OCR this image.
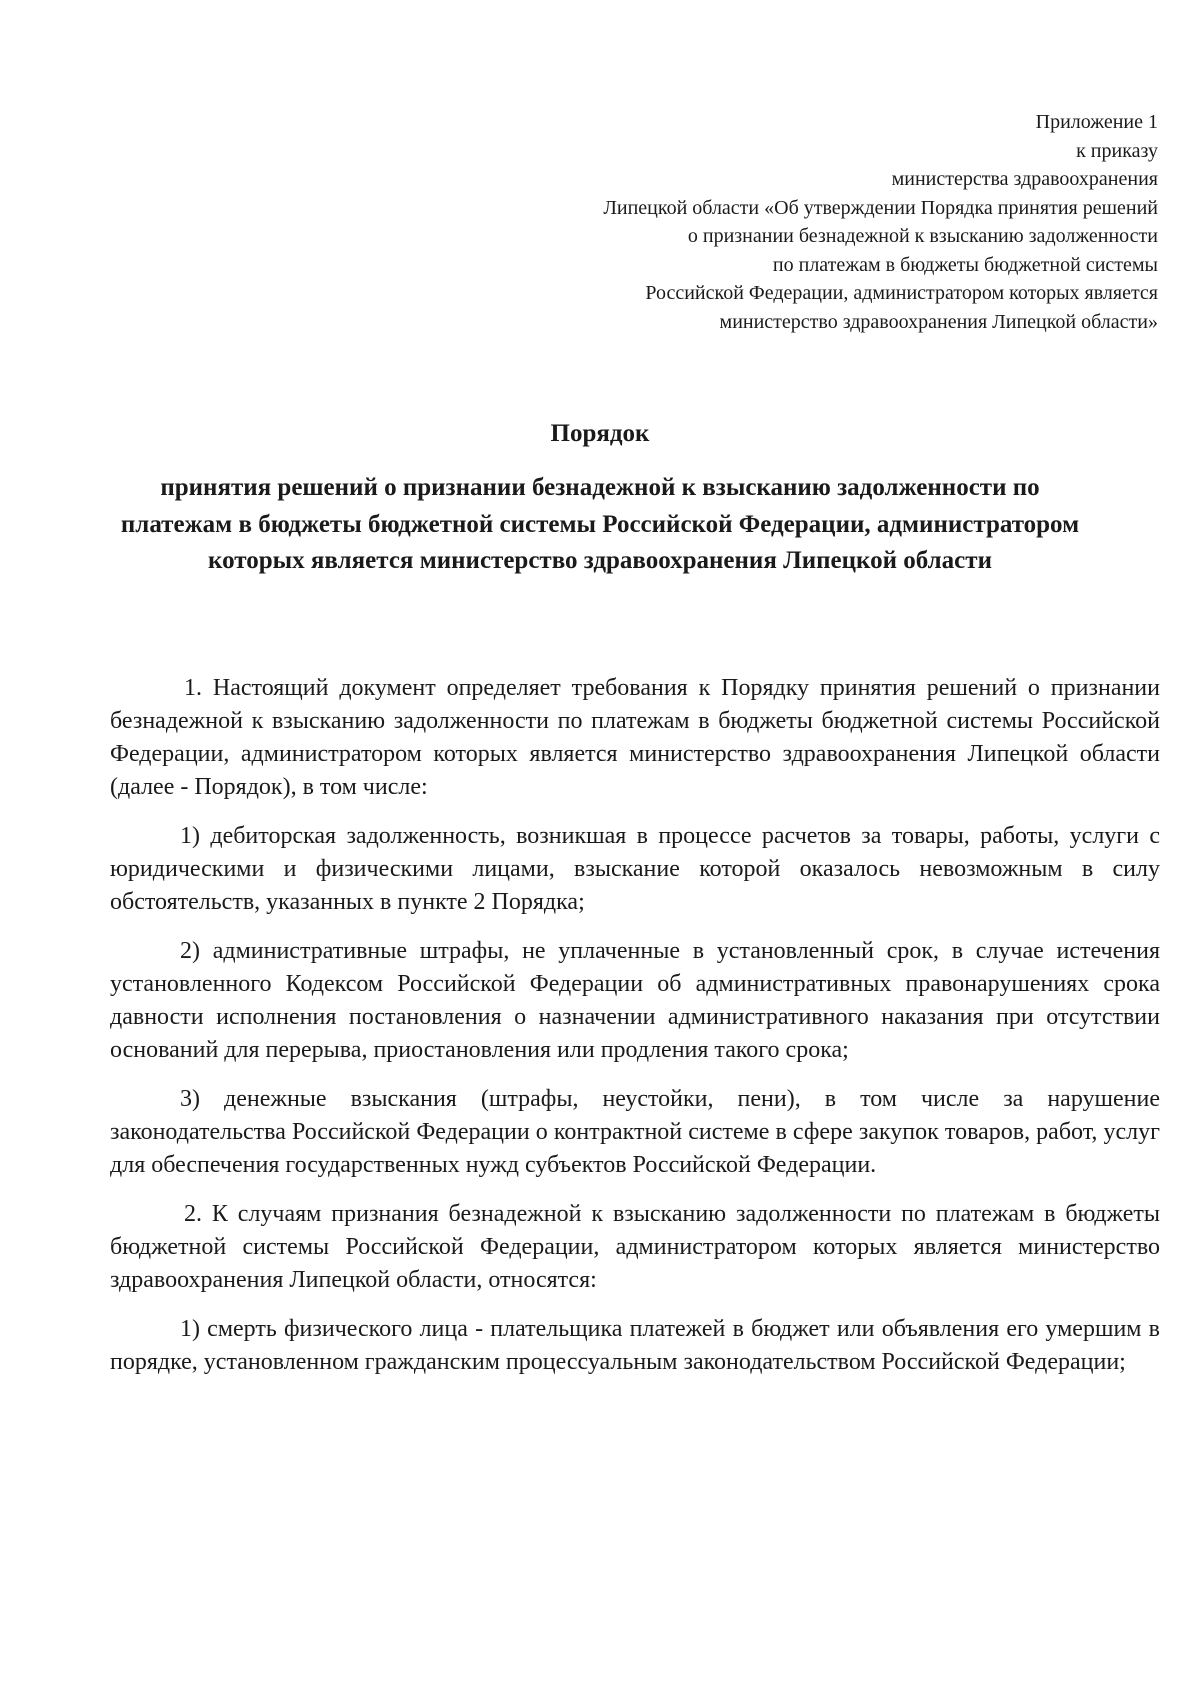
Приложение 1
к приказу
министерства здравоохранения
Липецкой области «Об утверждении Порядка принятия решений
о признании безнадежной к взысканию задолженности
по платежам в бюджеты бюджетной системы
Российской Федерации, администратором которых является
министерство здравоохранения Липецкой области»
Порядок
принятия решений о признании безнадежной к взысканию задолженности по платежам в бюджеты бюджетной системы Российской Федерации, администратором которых является министерство здравоохранения Липецкой области

1. Настоящий документ определяет требования к Порядку принятия решений о признании безнадежной к взысканию задолженности по платежам в бюджеты бюджетной системы Российской Федерации, администратором которых является министерство здравоохранения Липецкой области (далее - Порядок), в том числе:

1) дебиторская задолженность, возникшая в процессе расчетов за товары, работы, услуги с юридическими и физическими лицами, взыскание которой оказалось невозможным в силу обстоятельств, указанных в пункте 2 Порядка;

2) административные штрафы, не уплаченные в установленный срок, в случае истечения установленного Кодексом Российской Федерации об административных правонарушениях срока давности исполнения постановления о назначении административного наказания при отсутствии оснований для перерыва, приостановления или продления такого срока;

3) денежные взыскания (штрафы, неустойки, пени), в том числе за нарушение законодательства Российской Федерации о контрактной системе в сфере закупок товаров, работ, услуг для обеспечения государственных нужд субъектов Российской Федерации.

2. К случаям признания безнадежной к взысканию задолженности по платежам в бюджеты бюджетной системы Российской Федерации, администратором которых является министерство здравоохранения Липецкой области, относятся:

1) смерть физического лица - плательщика платежей в бюджет или объявления его умершим в порядке, установленном гражданским процессуальным законодательством Российской Федерации;
